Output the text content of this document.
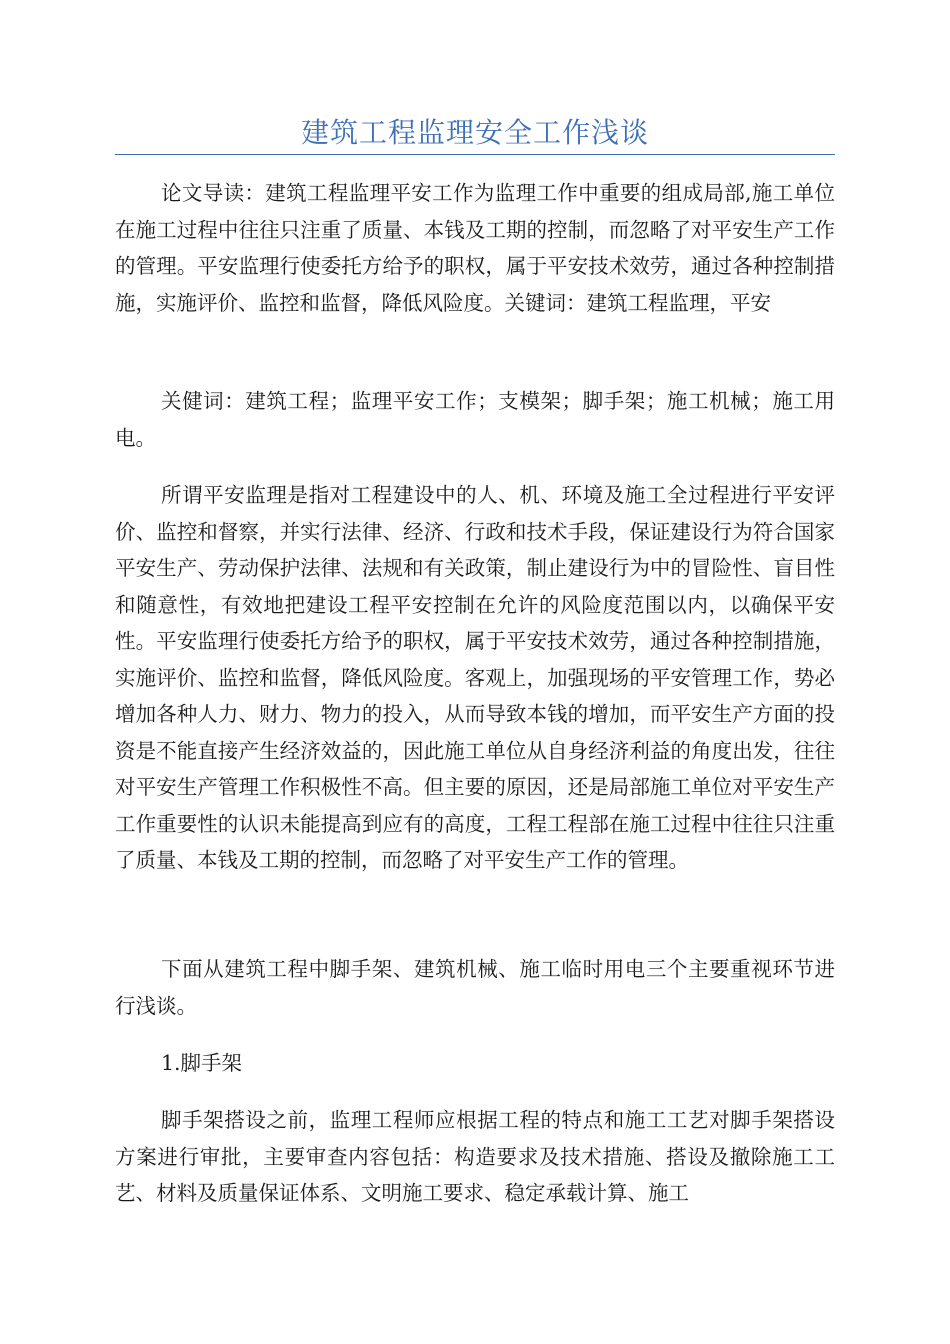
建筑工程监理安全工作浅谈

论文导读：建筑工程监理平安工作为监理工作中重要的组成局部,施工单位在施工过程中往往只注重了质量、本钱及工期的控制，而忽略了对平安生产工作的管理。平安监理行使委托方给予的职权，属于平安技术效劳，通过各种控制措施，实施评价、监控和监督，降低风险度。关键词：建筑工程监理，平安

关健词：建筑工程；监理平安工作；支模架；脚手架；施工机械；施工用电。

所谓平安监理是指对工程建设中的人、机、环境及施工全过程进行平安评价、监控和督察，并实行法律、经济、行政和技术手段，保证建设行为符合国家平安生产、劳动保护法律、法规和有关政策，制止建设行为中的冒险性、盲目性和随意性，有效地把建设工程平安控制在允许的风险度范围以内，以确保平安性。平安监理行使委托方给予的职权，属于平安技术效劳，通过各种控制措施，实施评价、监控和监督，降低风险度。客观上，加强现场的平安管理工作，势必增加各种人力、财力、物力的投入，从而导致本钱的增加，而平安生产方面的投资是不能直接产生经济效益的，因此施工单位从自身经济利益的角度出发，往往对平安生产管理工作积极性不高。但主要的原因，还是局部施工单位对平安生产工作重要性的认识未能提高到应有的高度，工程工程部在施工过程中往往只注重了质量、本钱及工期的控制，而忽略了对平安生产工作的管理。

下面从建筑工程中脚手架、建筑机械、施工临时用电三个主要重视环节进行浅谈。

1.脚手架

脚手架搭设之前，监理工程师应根据工程的特点和施工工艺对脚手架搭设方案进行审批，主要审查内容包括：构造要求及技术措施、搭设及撤除施工工艺、材料及质量保证体系、文明施工要求、稳定承载计算、施工
